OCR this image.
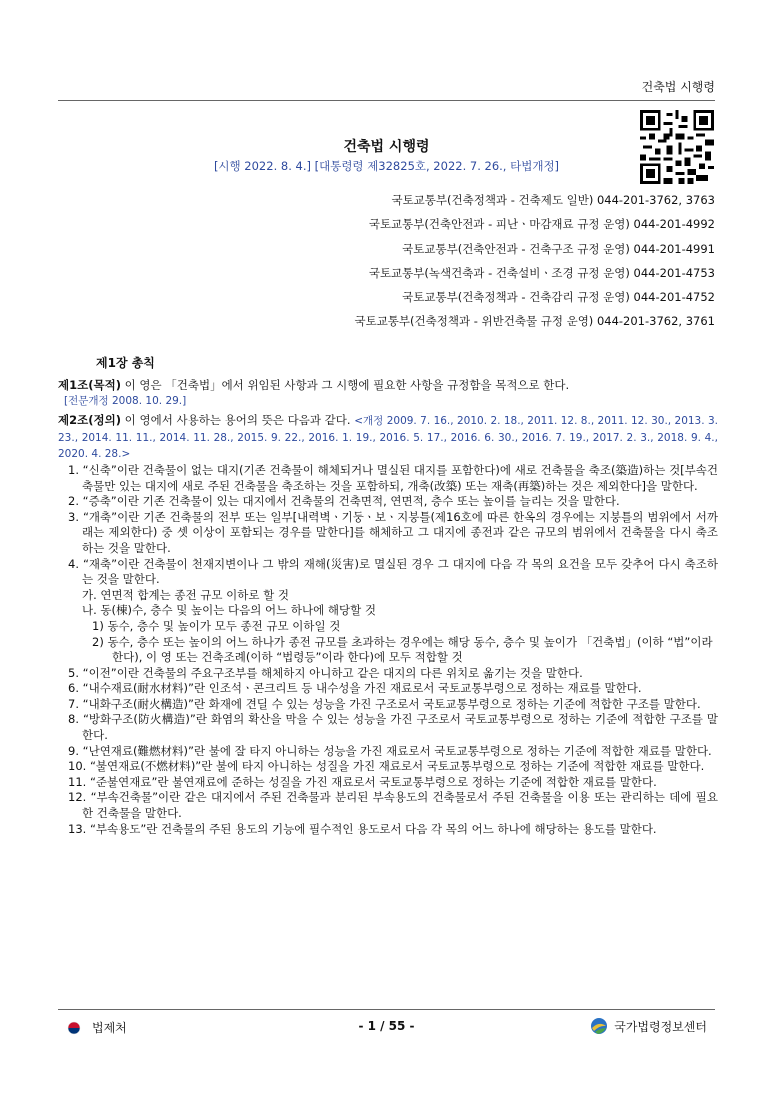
건축법 시행령
건축법 시행령
[시행 2022. 8. 4.] [대통령령 제32825호, 2022. 7. 26., 타법개정]
국토교통부(건축정책과 - 건축제도 일반) 044-201-3762, 3763
국토교통부(건축안전과 - 피난ㆍ마감재료 규정 운영) 044-201-4992
국토교통부(건축안전과 - 건축구조 규정 운영) 044-201-4991
국토교통부(녹색건축과 - 건축설비ㆍ조경 규정 운영) 044-201-4753
국토교통부(건축정책과 - 건축감리 규정 운영) 044-201-4752
국토교통부(건축정책과 - 위반건축물 규정 운영) 044-201-3762, 3761
제1장 총칙

제1조(목적) 이 영은 「건축법」에서 위임된 사항과 그 시행에 필요한 사항을 규정함을 목적으로 한다.

[전문개정 2008. 10. 29.]

제2조(정의) 이 영에서 사용하는 용어의 뜻은 다음과 같다. <개정 2009. 7. 16., 2010. 2. 18., 2011. 12. 8., 2011. 12. 30., 2013. 3. 23., 2014. 11. 11., 2014. 11. 28., 2015. 9. 22., 2016. 1. 19., 2016. 5. 17., 2016. 6. 30., 2016. 7. 19., 2017. 2. 3., 2018. 9. 4., 2020. 4. 28.>

1. “신축”이란 건축물이 없는 대지(기존 건축물이 해체되거나 멸실된 대지를 포함한다)에 새로 건축물을 축조(築造)하는 것[부속건축물만 있는 대지에 새로 주된 건축물을 축조하는 것을 포함하되, 개축(改築) 또는 재축(再築)하는 것은 제외한다]을 말한다.
2. “증축”이란 기존 건축물이 있는 대지에서 건축물의 건축면적, 연면적, 층수 또는 높이를 늘리는 것을 말한다.
3. “개축”이란 기존 건축물의 전부 또는 일부[내력벽ㆍ기둥ㆍ보ㆍ지붕틀(제16호에 따른 한옥의 경우에는 지붕틀의 범위에서 서까래는 제외한다) 중 셋 이상이 포함되는 경우를 말한다]를 해체하고 그 대지에 종전과 같은 규모의 범위에서 건축물을 다시 축조하는 것을 말한다.
4. “재축”이란 건축물이 천재지변이나 그 밖의 재해(災害)로 멸실된 경우 그 대지에 다음 각 목의 요건을 모두 갖추어 다시 축조하는 것을 말한다.
가. 연면적 합계는 종전 규모 이하로 할 것
나. 동(棟)수, 층수 및 높이는 다음의 어느 하나에 해당할 것
1) 동수, 층수 및 높이가 모두 종전 규모 이하일 것
2) 동수, 층수 또는 높이의 어느 하나가 종전 규모를 초과하는 경우에는 해당 동수, 층수 및 높이가 「건축법」(이하 “법”이라 한다), 이 영 또는 건축조례(이하 “법령등”이라 한다)에 모두 적합할 것
5. “이전”이란 건축물의 주요구조부를 해체하지 아니하고 같은 대지의 다른 위치로 옮기는 것을 말한다.
6. “내수재료(耐水材料)”란 인조석ㆍ콘크리트 등 내수성을 가진 재료로서 국토교통부령으로 정하는 재료를 말한다.
7. “내화구조(耐火構造)”란 화재에 견딜 수 있는 성능을 가진 구조로서 국토교통부령으로 정하는 기준에 적합한 구조를 말한다.
8. “방화구조(防火構造)”란 화염의 확산을 막을 수 있는 성능을 가진 구조로서 국토교통부령으로 정하는 기준에 적합한 구조를 말한다.
9. “난연재료(難燃材料)”란 불에 잘 타지 아니하는 성능을 가진 재료로서 국토교통부령으로 정하는 기준에 적합한 재료를 말한다.
10. “불연재료(不燃材料)”란 불에 타지 아니하는 성질을 가진 재료로서 국토교통부령으로 정하는 기준에 적합한 재료를 말한다.
11. “준불연재료”란 불연재료에 준하는 성질을 가진 재료로서 국토교통부령으로 정하는 기준에 적합한 재료를 말한다.
12. “부속건축물”이란 같은 대지에서 주된 건축물과 분리된 부속용도의 건축물로서 주된 건축물을 이용 또는 관리하는 데에 필요한 건축물을 말한다.
13. “부속용도”란 건축물의 주된 용도의 기능에 필수적인 용도로서 다음 각 목의 어느 하나에 해당하는 용도를 말한다.
법제처	- 1 / 55 -	국가법령정보센터
